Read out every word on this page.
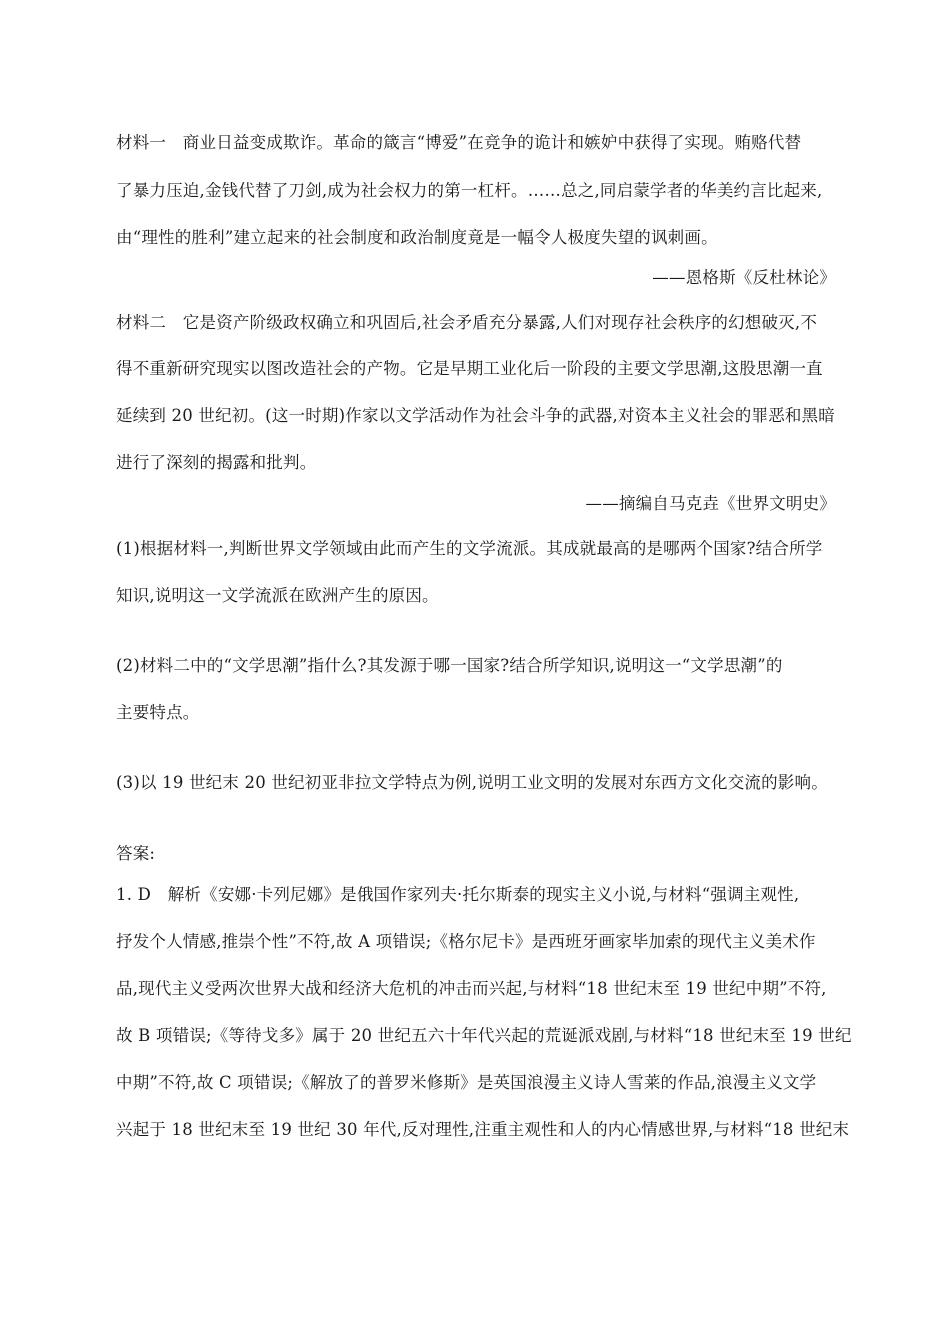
材料一　商业日益变成欺诈。革命的箴言“博爱”在竞争的诡计和嫉妒中获得了实现。贿赂代替
了暴力压迫,金钱代替了刀剑,成为社会权力的第一杠杆。……总之,同启蒙学者的华美约言比起来,
由“理性的胜利”建立起来的社会制度和政治制度竟是一幅令人极度失望的讽刺画。
——恩格斯《反杜林论》
材料二　它是资产阶级政权确立和巩固后,社会矛盾充分暴露,人们对现存社会秩序的幻想破灭,不
得不重新研究现实以图改造社会的产物。它是早期工业化后一阶段的主要文学思潮,这股思潮一直
延续到 20 世纪初。(这一时期)作家以文学活动作为社会斗争的武器,对资本主义社会的罪恶和黑暗
进行了深刻的揭露和批判。
——摘编自马克垚《世界文明史》
(1)根据材料一,判断世界文学领域由此而产生的文学流派。其成就最高的是哪两个国家?结合所学
知识,说明这一文学流派在欧洲产生的原因。
(2)材料二中的“文学思潮”指什么?其发源于哪一国家?结合所学知识,说明这一“文学思潮”的
主要特点。
(3)以 19 世纪末 20 世纪初亚非拉文学特点为例,说明工业文明的发展对东西方文化交流的影响。
答案:
1. D　解析《安娜·卡列尼娜》是俄国作家列夫·托尔斯泰的现实主义小说,与材料“强调主观性,
抒发个人情感,推崇个性”不符,故 A 项错误;《格尔尼卡》是西班牙画家毕加索的现代主义美术作
品,现代主义受两次世界大战和经济大危机的冲击而兴起,与材料“18 世纪末至 19 世纪中期”不符,
故 B 项错误;《等待戈多》属于 20 世纪五六十年代兴起的荒诞派戏剧,与材料“18 世纪末至 19 世纪
中期”不符,故 C 项错误;《解放了的普罗米修斯》是英国浪漫主义诗人雪莱的作品,浪漫主义文学
兴起于 18 世纪末至 19 世纪 30 年代,反对理性,注重主观性和人的内心情感世界,与材料“18 世纪末
